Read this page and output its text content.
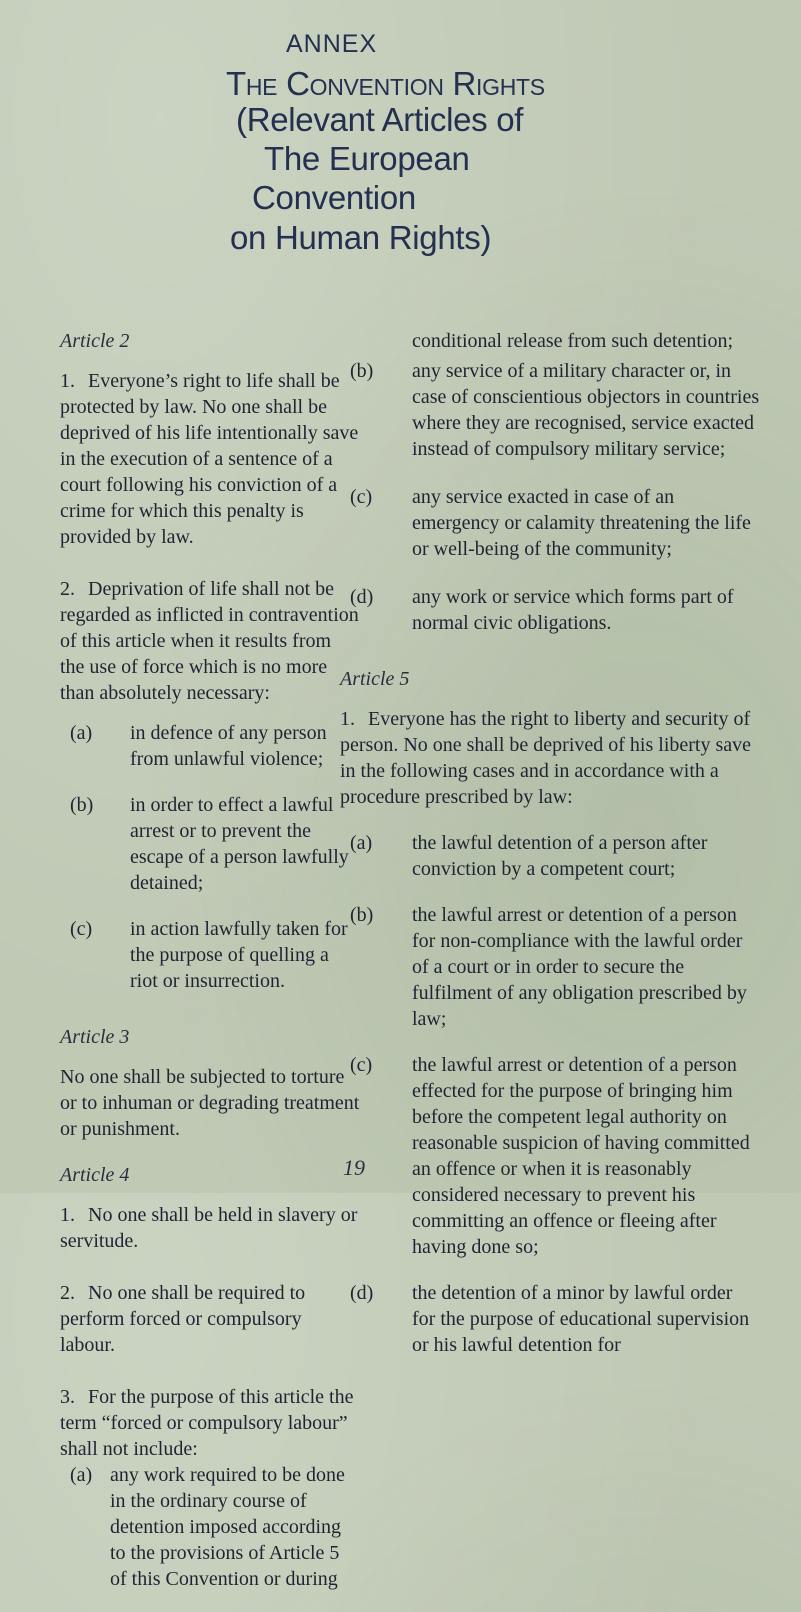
ANNEX
The Convention Rights
(Relevant Articles of
The European
Convention
on Human Rights)
Article 2

1. Everyone’s right to life shall be protected by law. No one shall be deprived of his life intentionally save in the execution of a sentence of a court following his conviction of a crime for which this penalty is provided by law.

2. Deprivation of life shall not be regarded as inflicted in contravention of this article when it results from the use of force which is no more than absolutely necessary:

(a) in defence of any person from unlawful violence;
(b) in order to effect a lawful arrest or to prevent the escape of a person lawfully detained;
(c) in action lawfully taken for the purpose of quelling a riot or insurrection.
Article 3

No one shall be subjected to torture or to inhuman or degrading treatment or punishment.

Article 4

1. No one shall be held in slavery or servitude.

2. No one shall be required to perform forced or compulsory labour.

3. For the purpose of this article the term “forced or compulsory labour” shall not include:

(a) any work required to be done in the ordinary course of detention imposed according to the provisions of Article 5 of this Convention or during

conditional release from such detention;

(b) any service of a military character or, in case of conscientious objectors in countries where they are recognised, service exacted instead of compulsory military service;
(c) any service exacted in case of an emergency or calamity threatening the life or well-being of the community;
(d) any work or service which forms part of normal civic obligations.
Article 5

1. Everyone has the right to liberty and security of person. No one shall be deprived of his liberty save in the following cases and in accordance with a procedure prescribed by law:

(a) the lawful detention of a person after conviction by a competent court;
(b) the lawful arrest or detention of a person for non-compliance with the lawful order of a court or in order to secure the fulfilment of any obligation prescribed by law;
(c) the lawful arrest or detention of a person effected for the purpose of bringing him before the competent legal authority on reasonable suspicion of having committed an offence or when it is reasonably considered necessary to prevent his committing an offence or fleeing after having done so;
(d) the detention of a minor by lawful order for the purpose of educational supervision or his lawful detention for
19
